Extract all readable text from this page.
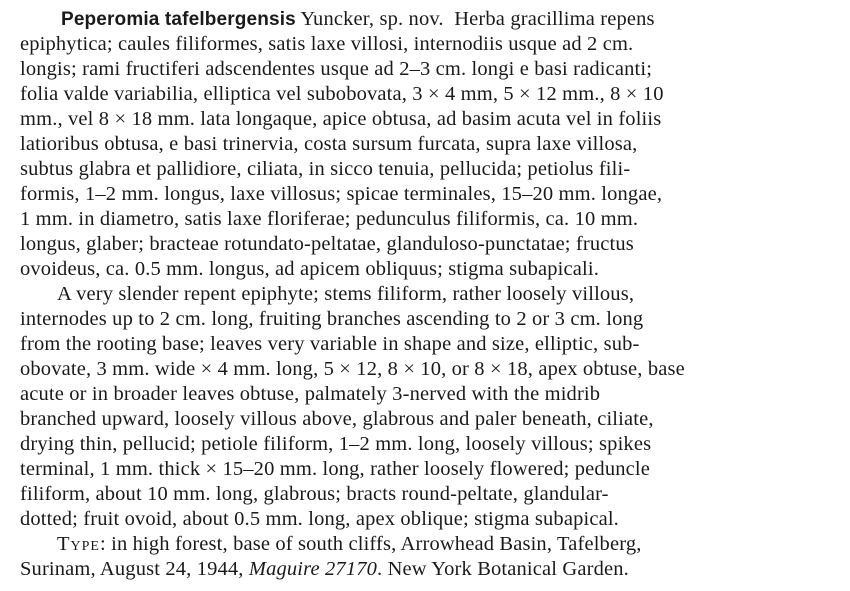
Peperomia tafelbergensis Yuncker, sp. nov.  Herba gracillima repens
epiphytica; caules filiformes, satis laxe villosi, internodiis usque ad 2 cm.
longis; rami fructiferi adscendentes usque ad 2–3 cm. longi e basi radicanti;
folia valde variabilia, elliptica vel subobovata, 3 × 4 mm, 5 × 12 mm., 8 × 10
mm., vel 8 × 18 mm. lata longaque, apice obtusa, ad basim acuta vel in foliis
latioribus obtusa, e basi trinervia, costa sursum furcata, supra laxe villosa,
subtus glabra et pallidiore, ciliata, in sicco tenuia, pellucida; petiolus fili-
formis, 1–2 mm. longus, laxe villosus; spicae terminales, 15–20 mm. longae,
1 mm. in diametro, satis laxe floriferae; pedunculus filiformis, ca. 10 mm.
longus, glaber; bracteae rotundato-peltatae, glanduloso-punctatae; fructus
ovoideus, ca. 0.5 mm. longus, ad apicem obliquus; stigma subapicali.
A very slender repent epiphyte; stems filiform, rather loosely villous,
internodes up to 2 cm. long, fruiting branches ascending to 2 or 3 cm. long
from the rooting base; leaves very variable in shape and size, elliptic, sub-
obovate, 3 mm. wide × 4 mm. long, 5 × 12, 8 × 10, or 8 × 18, apex obtuse, base
acute or in broader leaves obtuse, palmately 3-nerved with the midrib
branched upward, loosely villous above, glabrous and paler beneath, ciliate,
drying thin, pellucid; petiole filiform, 1–2 mm. long, loosely villous; spikes
terminal, 1 mm. thick × 15–20 mm. long, rather loosely flowered; peduncle
filiform, about 10 mm. long, glabrous; bracts round-peltate, glandular-
dotted; fruit ovoid, about 0.5 mm. long, apex oblique; stigma subapical.
Type: in high forest, base of south cliffs, Arrowhead Basin, Tafelberg,
Surinam, August 24, 1944, Maguire 27170. New York Botanical Garden.
